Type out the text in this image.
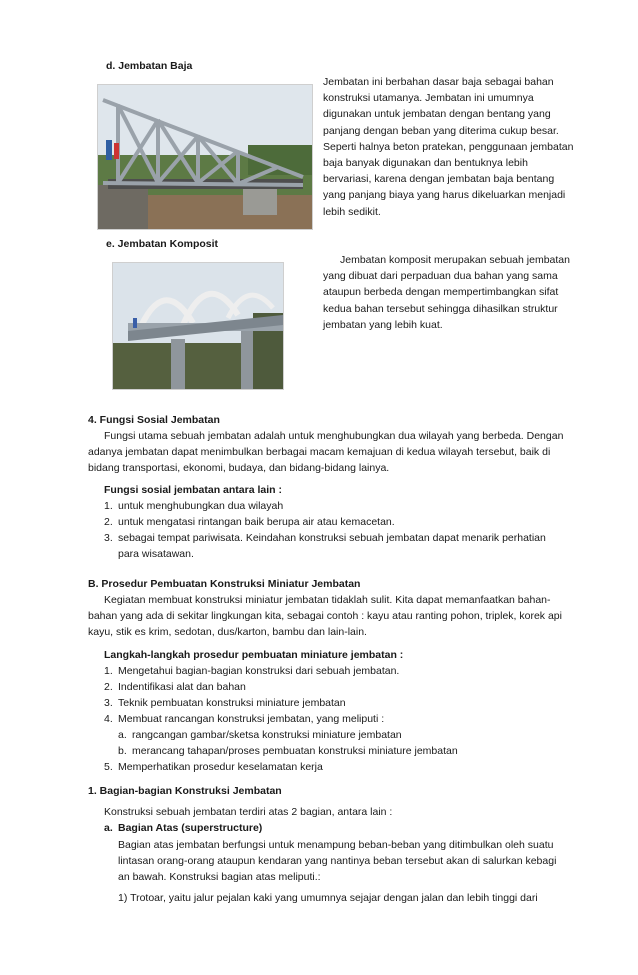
d. Jembatan Baja
Jembatan ini berbahan dasar baja sebagai bahan
konstruksi utamanya. Jembatan ini umumnya
digunakan untuk jembatan dengan bentang yang
panjang dengan beban yang diterima cukup besar.
Seperti halnya beton pratekan, penggunaan jembatan
baja banyak digunakan dan bentuknya lebih
bervariasi, karena dengan jembatan baja bentang
yang panjang biaya yang harus dikeluarkan menjadi
lebih sedikit.
e. Jembatan Komposit
Jembatan komposit merupakan sebuah jembatan
yang dibuat dari perpaduan dua bahan yang sama
ataupun berbeda dengan mempertimbangkan sifat
kedua bahan tersebut sehingga dihasilkan struktur
jembatan yang lebih kuat.
4. Fungsi Sosial Jembatan
Fungsi utama sebuah jembatan adalah untuk menghubungkan dua wilayah yang berbeda. Dengan
adanya jembatan dapat menimbulkan berbagai macam kemajuan di kedua wilayah tersebut, baik di
bidang transportasi, ekonomi, budaya, dan bidang-bidang lainya.
Fungsi sosial jembatan antara lain :
1. untuk menghubungkan dua wilayah
2. untuk mengatasi rintangan baik berupa air atau kemacetan.
3. sebagai tempat pariwisata. Keindahan konstruksi sebuah jembatan dapat menarik perhatian
para wisatawan.
B. Prosedur Pembuatan Konstruksi Miniatur Jembatan
Kegiatan membuat konstruksi miniatur jembatan tidaklah sulit. Kita dapat memanfaatkan bahan-
bahan yang ada di sekitar lingkungan kita, sebagai contoh : kayu atau ranting pohon, triplek, korek api
kayu, stik es krim, sedotan, dus/karton, bambu dan lain-lain.
Langkah-langkah prosedur pembuatan miniature jembatan :
1. Mengetahui bagian-bagian konstruksi dari sebuah jembatan.
2. Indentifikasi alat dan bahan
3. Teknik pembuatan konstruksi miniature jembatan
4. Membuat rancangan konstruksi jembatan, yang meliputi :
a. rangcangan gambar/sketsa konstruksi miniature jembatan
b. merancang tahapan/proses pembuatan konstruksi miniature jembatan
5. Memperhatikan prosedur keselamatan kerja
1. Bagian-bagian Konstruksi Jembatan
Konstruksi sebuah jembatan terdiri atas 2 bagian, antara lain :
a. Bagian Atas (superstructure)
Bagian atas jembatan berfungsi untuk menampung beban-beban yang ditimbulkan oleh suatu
lintasan orang-orang ataupun kendaran yang nantinya beban tersebut akan di salurkan kebagi
an bawah. Konstruksi bagian atas meliputi.:
1) Trotoar, yaitu jalur pejalan kaki yang umumnya sejajar dengan jalan dan lebih tinggi dari
